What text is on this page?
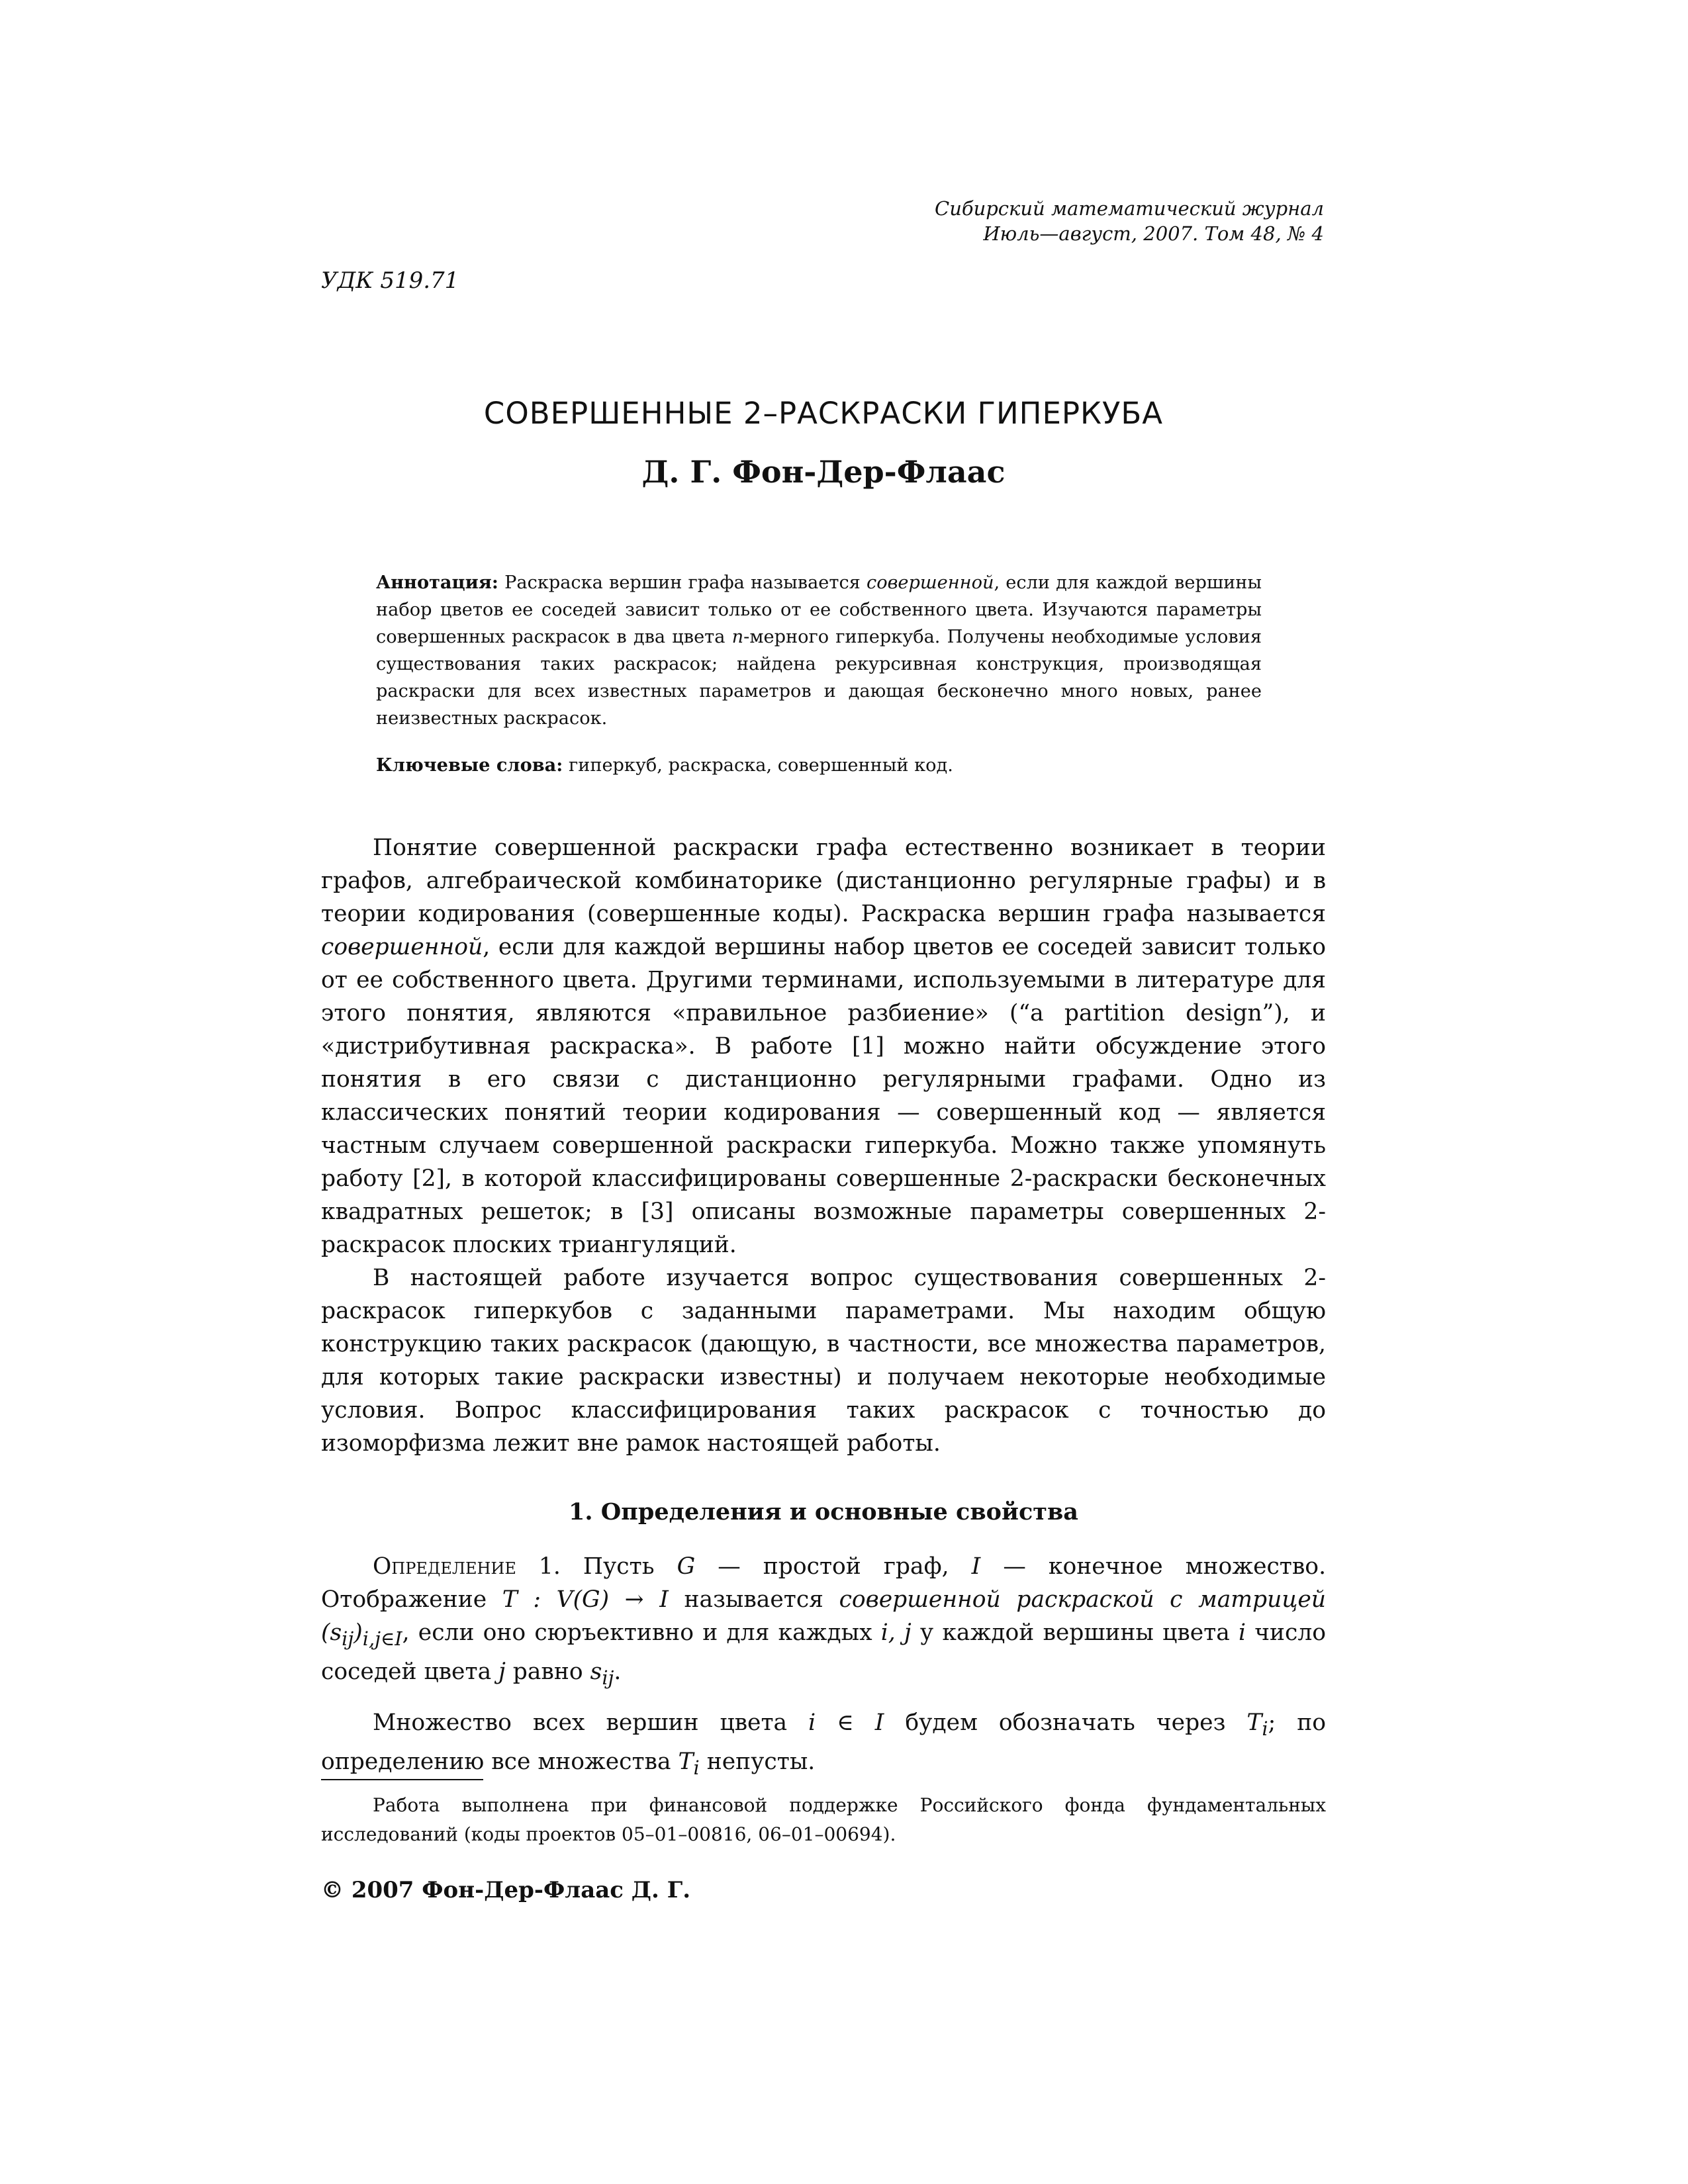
Сибирский математический журнал
Июль—август, 2007. Том 48, № 4
УДК 519.71
СОВЕРШЕННЫЕ 2–РАСКРАСКИ ГИПЕРКУБА
Д. Г. Фон-Дер-Флаас
Аннотация: Раскраска вершин графа называется совершенной, если для каждой вершины набор цветов ее соседей зависит только от ее собственного цвета. Изучаются параметры совершенных раскрасок в два цвета n-мерного гиперкуба. Получены необходимые условия существования таких раскрасок; найдена рекурсивная конструкция, производящая раскраски для всех известных параметров и дающая бесконечно много новых, ранее неизвестных раскрасок.
Ключевые слова: гиперкуб, раскраска, совершенный код.

Понятие совершенной раскраски графа естественно возникает в теории графов, алгебраической комбинаторике (дистанционно регулярные графы) и в теории кодирования (совершенные коды). Раскраска вершин графа называется совершенной, если для каждой вершины набор цветов ее соседей зависит только от ее собственного цвета. Другими терминами, используемыми в литературе для этого понятия, являются «правильное разбиение» (“a partition design”), и «дистрибутивная раскраска». В работе [1] можно найти обсуждение этого понятия в его связи с дистанционно регулярными графами. Одно из классических понятий теории кодирования — совершенный код — является частным случаем совершенной раскраски гиперкуба. Можно также упомянуть работу [2], в которой классифицированы совершенные 2-раскраски бесконечных квадратных решеток; в [3] описаны возможные параметры совершенных 2-раскрасок плоских триангуляций.

В настоящей работе изучается вопрос существования совершенных 2-раскрасок гиперкубов с заданными параметрами. Мы находим общую конструкцию таких раскрасок (дающую, в частности, все множества параметров, для которых такие раскраски известны) и получаем некоторые необходимые условия. Вопрос классифицирования таких раскрасок с точностью до изоморфизма лежит вне рамок настоящей работы.

1. Определения и основные свойства

Определение 1. Пусть G — простой граф, I — конечное множество. Отображение T : V(G) → I называется совершенной раскраской с матрицей $(s_{ij})_{i,j\in I}$, если оно сюръективно и для каждых i, j у каждой вершины цвета i число соседей цвета j равно $s_{ij}$.

Множество всех вершин цвета i ∈ I будем обозначать через $T_i$; по определению все множества $T_i$ непусты.

Работа выполнена при финансовой поддержке Российского фонда фундаментальных исследований (коды проектов 05–01–00816, 06–01–00694).

© 2007 Фон-Дер-Флаас Д. Г.
